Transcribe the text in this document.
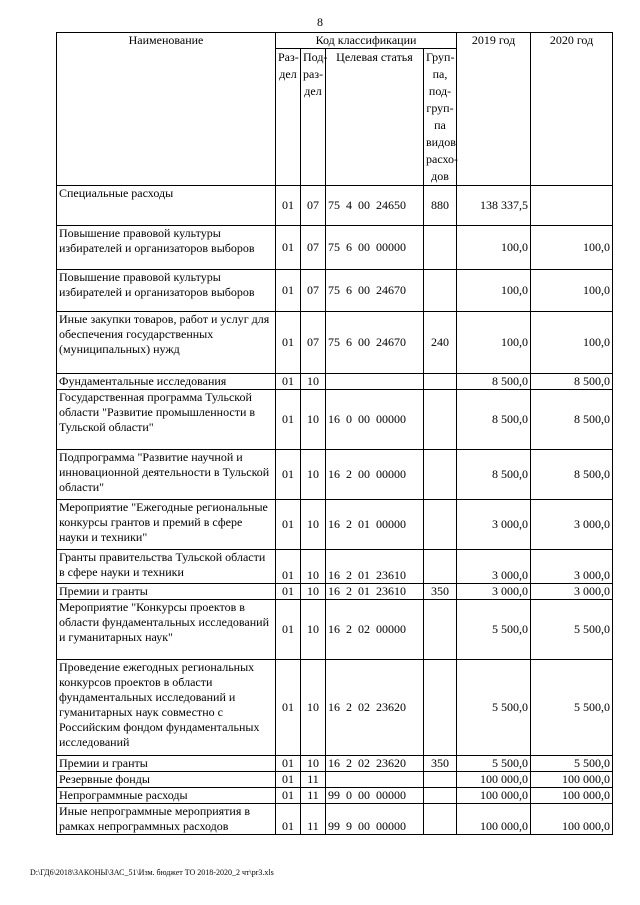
8
Наименование	Код классификации				2019 год	2020 год
	Раз-дел	Под-раз-дел	Целевая статья	Груп-па, под-груп-па видов расхо-дов		
Специальные расходы	01	07	75  4  00  24650	880	138 337,5	
Повышение правовой культуры избирателей и организаторов выборов	01	07	75  6  00  00000		100,0	100,0
Повышение правовой культуры избирателей и организаторов выборов	01	07	75  6  00  24670		100,0	100,0
Иные закупки товаров, работ и услуг для обеспечения государственных (муниципальных) нужд	01	07	75  6  00  24670	240	100,0	100,0
Фундаментальные исследования	01	10			8 500,0	8 500,0
Государственная программа Тульской области "Развитие промышленности в Тульской области"	01	10	16  0  00  00000		8 500,0	8 500,0
Подпрограмма "Развитие научной и инновационной деятельности в Тульской области"	01	10	16  2  00  00000		8 500,0	8 500,0
Мероприятие "Ежегодные региональные конкурсы грантов и премий в сфере науки и техники"	01	10	16  2  01  00000		3 000,0	3 000,0
Гранты правительства Тульской области в сфере науки и техники	01	10	16  2  01  23610		3 000,0	3 000,0
Премии и гранты	01	10	16  2  01  23610	350	3 000,0	3 000,0
Мероприятие "Конкурсы проектов в области фундаментальных исследований и гуманитарных наук"	01	10	16  2  02  00000		5 500,0	5 500,0
Проведение ежегодных региональных конкурсов проектов в области фундаментальных исследований и гуманитарных наук совместно с Российским фондом фундаментальных исследований	01	10	16  2  02  23620		5 500,0	5 500,0
Премии и гранты	01	10	16  2  02  23620	350	5 500,0	5 500,0
Резервные фонды	01	11			100 000,0	100 000,0
Непрограммные расходы	01	11	99  0  00  00000		100 000,0	100 000,0
Иные непрограммные мероприятия в рамках непрограммных расходов	01	11	99  9  00  00000		100 000,0	100 000,0
D:\ГД6\2018\ЗАКОНЫ\ЗАС_51\Изм. бюджет ТО 2018-2020_2 чт\pr3.xls
